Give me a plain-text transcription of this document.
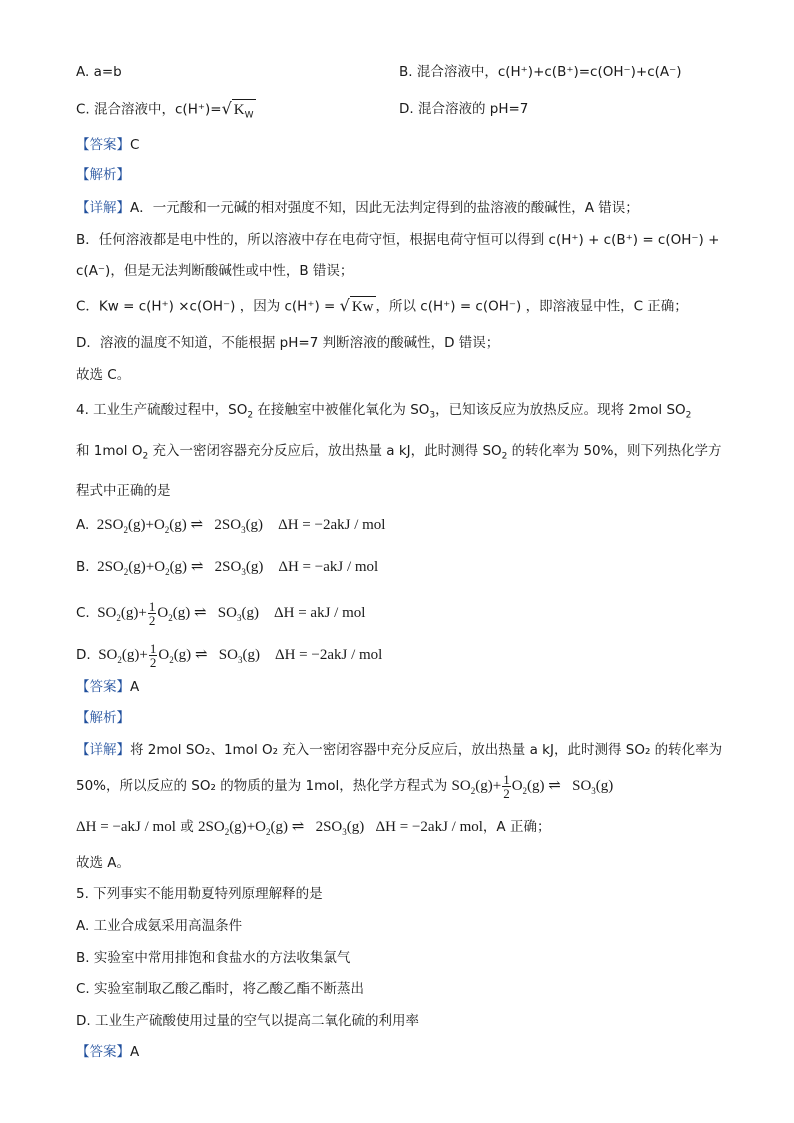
A. a=b	B. 混合溶液中，c(H⁺)+c(B⁺)=c(OH⁻)+c(A⁻)
C. 混合溶液中，c(H⁺)=√ $K_W$	D. 混合溶液的 pH=7
【答案】C
【解析】
【详解】A．一元酸和一元碱的相对强度不知，因此无法判定得到的盐溶液的酸碱性，A 错误；
B．任何溶液都是电中性的，所以溶液中存在电荷守恒，根据电荷守恒可以得到 c(H⁺) + c(B⁺) = c(OH⁻) +
c(A⁻)，但是无法判断酸碱性或中性，B 错误；
C．Kw = c(H⁺) ×c(OH⁻) ，因为 c(H⁺) = √ Kw ，所以 c(H⁺) = c(OH⁻) ，即溶液显中性，C 正确；
D．溶液的温度不知道，不能根据 pH=7 判断溶液的酸碱性，D 错误；
故选 C。
4. 工业生产硫酸过程中，$SO_2$ 在接触室中被催化氧化为 $SO_3$，已知该反应为放热反应。现将 2mol $SO_2$
和 1mol $O_2$ 充入一密闭容器充分反应后，放出热量 a kJ，此时测得 $SO_2$ 的转化率为 50%，则下列热化学方
程式中正确的是
A. $2SO_2(g)+O_2(g)$ ⇌ $2SO_3(g) \Delta H = -2akJ$ / mol
B. $2SO_2(g)+O_2(g)$ ⇌ $2SO_3(g) \Delta H = -akJ$ / mol
C. $SO_2(g)+ \frac{1}{2} O_2(g)$ ⇌ $SO_3(g) \Delta H$ = akJ / mol
D. $SO_2(g)+ \frac{1}{2} O_2(g)$ ⇌ $SO_3(g) \Delta H = -2akJ$ / mol
【答案】A
【解析】
【详解】将 2mol SO₂、1mol O₂ 充入一密闭容器中充分反应后，放出热量 a kJ，此时测得 SO₂ 的转化率为
50%，所以反应的 SO₂ 的物质的量为 1mol，热化学方程式为 $SO_2(g)+ \frac{1}{2} O_2(g)$ ⇌ $SO_3(g)$
ΔH = −akJ / mol 或 $2SO_2(g)+O_2(g)$ ⇌ $2SO_3(g) \Delta H = -2akJ$ / mol，A 正确；
故选 A。
5. 下列事实不能用勒夏特列原理解释的是
A. 工业合成氨采用高温条件
B. 实验室中常用排饱和食盐水的方法收集氯气
C. 实验室制取乙酸乙酯时，将乙酸乙酯不断蒸出
D. 工业生产硫酸使用过量的空气以提高二氧化硫的利用率
【答案】A
